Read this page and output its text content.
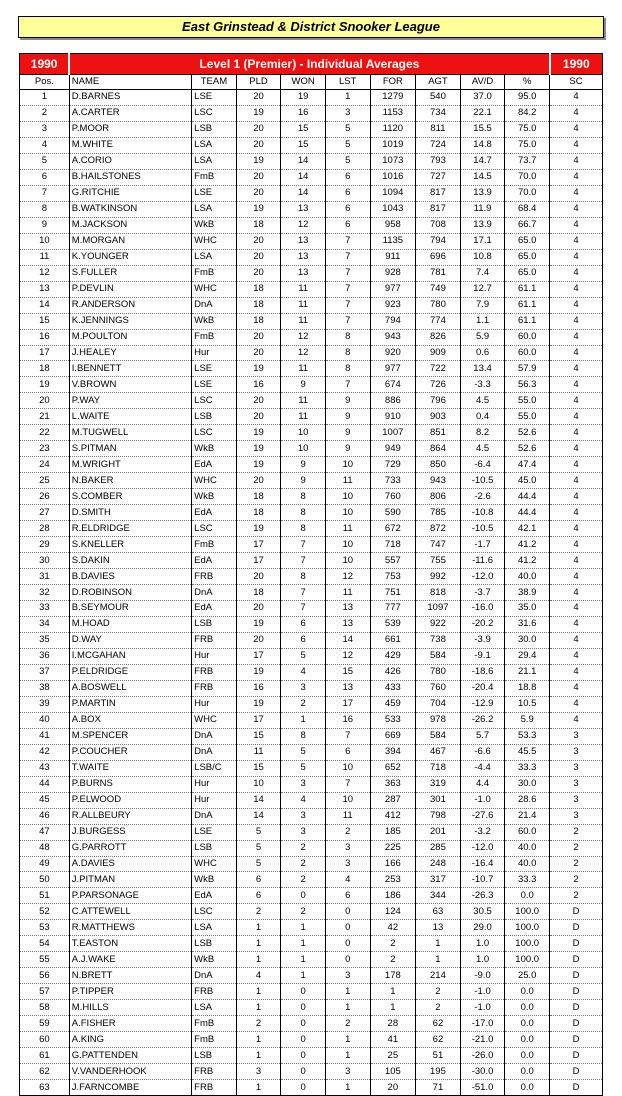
East Grinstead & District Snooker League
1990	Level 1 (Premier) - Individual Averages									1990
Pos.	NAME	TEAM	PLD	WON	LST	FOR	AGT	AV/D	%	SC
1	D.BARNES	LSE	20	19	1	1279	540	37.0	95.0	4
2	A.CARTER	LSC	19	16	3	1153	734	22.1	84.2	4
3	P.MOOR	LSB	20	15	5	1120	811	15.5	75.0	4
4	M.WHITE	LSA	20	15	5	1019	724	14.8	75.0	4
5	A.CORIO	LSA	19	14	5	1073	793	14.7	73.7	4
6	B.HAILSTONES	FmB	20	14	6	1016	727	14.5	70.0	4
7	G.RITCHIE	LSE	20	14	6	1094	817	13.9	70.0	4
8	B.WATKINSON	LSA	19	13	6	1043	817	11.9	68.4	4
9	M.JACKSON	WkB	18	12	6	958	708	13.9	66.7	4
10	M.MORGAN	WHC	20	13	7	1135	794	17.1	65.0	4
11	K.YOUNGER	LSA	20	13	7	911	696	10.8	65.0	4
12	S.FULLER	FmB	20	13	7	928	781	7.4	65.0	4
13	P.DEVLIN	WHC	18	11	7	977	749	12.7	61.1	4
14	R.ANDERSON	DnA	18	11	7	923	780	7.9	61.1	4
15	K.JENNINGS	WkB	18	11	7	794	774	1.1	61.1	4
16	M.POULTON	FmB	20	12	8	943	826	5.9	60.0	4
17	J.HEALEY	Hur	20	12	8	920	909	0.6	60.0	4
18	I.BENNETT	LSE	19	11	8	977	722	13.4	57.9	4
19	V.BROWN	LSE	16	9	7	674	726	-3.3	56.3	4
20	P.WAY	LSC	20	11	9	886	796	4.5	55.0	4
21	L.WAITE	LSB	20	11	9	910	903	0.4	55.0	4
22	M.TUGWELL	LSC	19	10	9	1007	851	8.2	52.6	4
23	S.PITMAN	WkB	19	10	9	949	864	4.5	52.6	4
24	M.WRIGHT	EdA	19	9	10	729	850	-6.4	47.4	4
25	N.BAKER	WHC	20	9	11	733	943	-10.5	45.0	4
26	S.COMBER	WkB	18	8	10	760	806	-2.6	44.4	4
27	D.SMITH	EdA	18	8	10	590	785	-10.8	44.4	4
28	R.ELDRIDGE	LSC	19	8	11	672	872	-10.5	42.1	4
29	S.KNELLER	FmB	17	7	10	718	747	-1.7	41.2	4
30	S.DAKIN	EdA	17	7	10	557	755	-11.6	41.2	4
31	B.DAVIES	FRB	20	8	12	753	992	-12.0	40.0	4
32	D.ROBINSON	DnA	18	7	11	751	818	-3.7	38.9	4
33	B.SEYMOUR	EdA	20	7	13	777	1097	-16.0	35.0	4
34	M.HOAD	LSB	19	6	13	539	922	-20.2	31.6	4
35	D.WAY	FRB	20	6	14	661	738	-3.9	30.0	4
36	I.MCGAHAN	Hur	17	5	12	429	584	-9.1	29.4	4
37	P.ELDRIDGE	FRB	19	4	15	426	780	-18.6	21.1	4
38	A.BOSWELL	FRB	16	3	13	433	760	-20.4	18.8	4
39	P.MARTIN	Hur	19	2	17	459	704	-12.9	10.5	4
40	A.BOX	WHC	17	1	16	533	978	-26.2	5.9	4
41	M.SPENCER	DnA	15	8	7	669	584	5.7	53.3	3
42	P.COUCHER	DnA	11	5	6	394	467	-6.6	45.5	3
43	T.WAITE	LSB/C	15	5	10	652	718	-4.4	33.3	3
44	P.BURNS	Hur	10	3	7	363	319	4.4	30.0	3
45	P.ELWOOD	Hur	14	4	10	287	301	-1.0	28.6	3
46	R.ALLBEURY	DnA	14	3	11	412	798	-27.6	21.4	3
47	J.BURGESS	LSE	5	3	2	185	201	-3.2	60.0	2
48	G.PARROTT	LSB	5	2	3	225	285	-12.0	40.0	2
49	A.DAVIES	WHC	5	2	3	166	248	-16.4	40.0	2
50	J.PITMAN	WkB	6	2	4	253	317	-10.7	33.3	2
51	P.PARSONAGE	EdA	6	0	6	186	344	-26.3	0.0	2
52	C.ATTEWELL	LSC	2	2	0	124	63	30.5	100.0	D
53	R.MATTHEWS	LSA	1	1	0	42	13	29.0	100.0	D
54	T.EASTON	LSB	1	1	0	2	1	1.0	100.0	D
55	A.J.WAKE	WkB	1	1	0	2	1	1.0	100.0	D
56	N.BRETT	DnA	4	1	3	178	214	-9.0	25.0	D
57	P.TIPPER	FRB	1	0	1	1	2	-1.0	0.0	D
58	M.HILLS	LSA	1	0	1	1	2	-1.0	0.0	D
59	A.FISHER	FmB	2	0	2	28	62	-17.0	0.0	D
60	A.KING	FmB	1	0	1	41	62	-21.0	0.0	D
61	G.PATTENDEN	LSB	1	0	1	25	51	-26.0	0.0	D
62	V.VANDERHOOK	FRB	3	0	3	105	195	-30.0	0.0	D
63	J.FARNCOMBE	FRB	1	0	1	20	71	-51.0	0.0	D
